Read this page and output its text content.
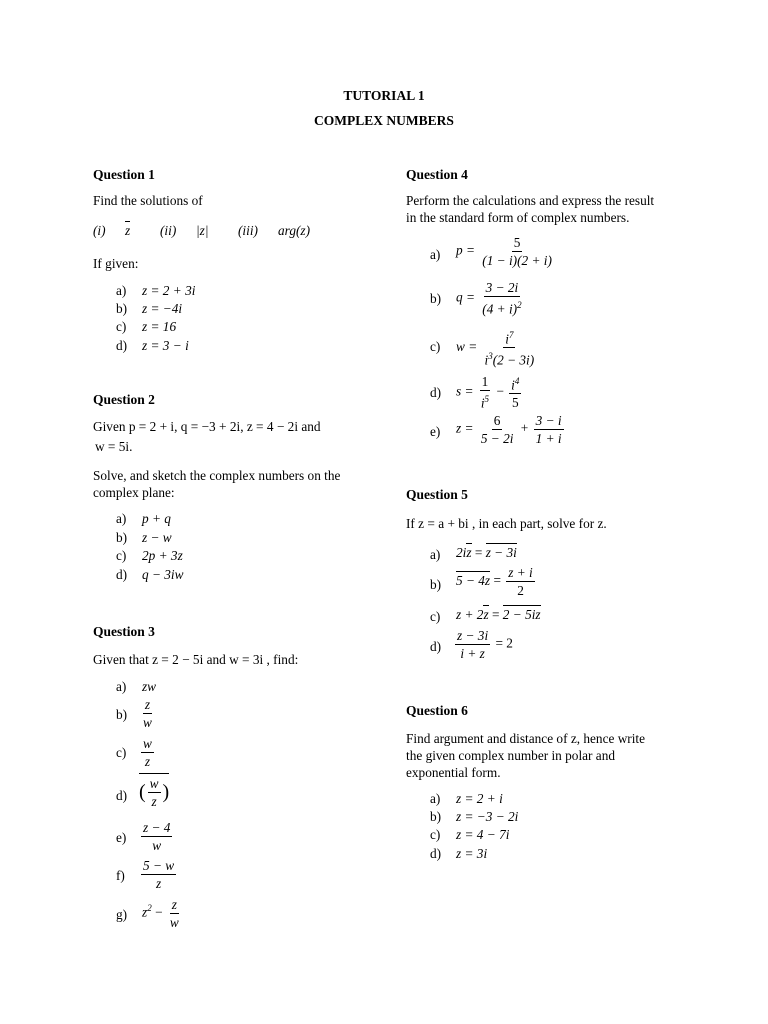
TUTORIAL 1
COMPLEX NUMBERS
Question 1
Find the solutions of
(i) z (ii) |z| (iii) arg(z)
If given:
a) z = 2 + 3i
b) z = −4i
c) z = 16
d) z = 3 − i
Question 2
Given p = 2 + i, q = −3 + 2i, z = 4 − 2i and
w = 5i.
Solve, and sketch the complex numbers on the
complex plane:
a) p + q
b) z − w
c) 2p + 3z
d) q − 3iw
Question 3
Given that z = 2 − 5i and w = 3i , find:
a) zw
$b) \frac{z}{w}$
$c) \frac{w}{z}$
d) ( $\frac{w}{z}$ )
$e) \frac{z - 4}{w}$
$f) \frac{5 - w}{z}$
g) $z^2 - \frac{z}{w}$
Question 4
Perform the calculations and express the result
in the standard form of complex numbers.
a) $p = \frac{5}{(1 - i)(2 + i)}$
b) $q = \frac{3 - 2i}{(4 + i)^2}$
c) $w = \frac{i^7}{i^3(2 - 3i)}$
d) $s = \frac{1}{i^5} - \frac{i^4}{5}$
e) $z = \frac{6}{5 - 2i} + \frac{3 - i}{1 + i}$
Question 5
If z = a + bi , in each part, solve for z.
a) 2iz = z − 3i
b) $5 - 4z = \frac{z + i}{2}$
c) z + 2z = 2 − 5iz
$d) \frac{z - 3i}{i + z} = 2$
Question 6
Find argument and distance of z, hence write
the given complex number in polar and
exponential form.
a) z = 2 + i
b) z = −3 − 2i
c) z = 4 − 7i
d) z = 3i
